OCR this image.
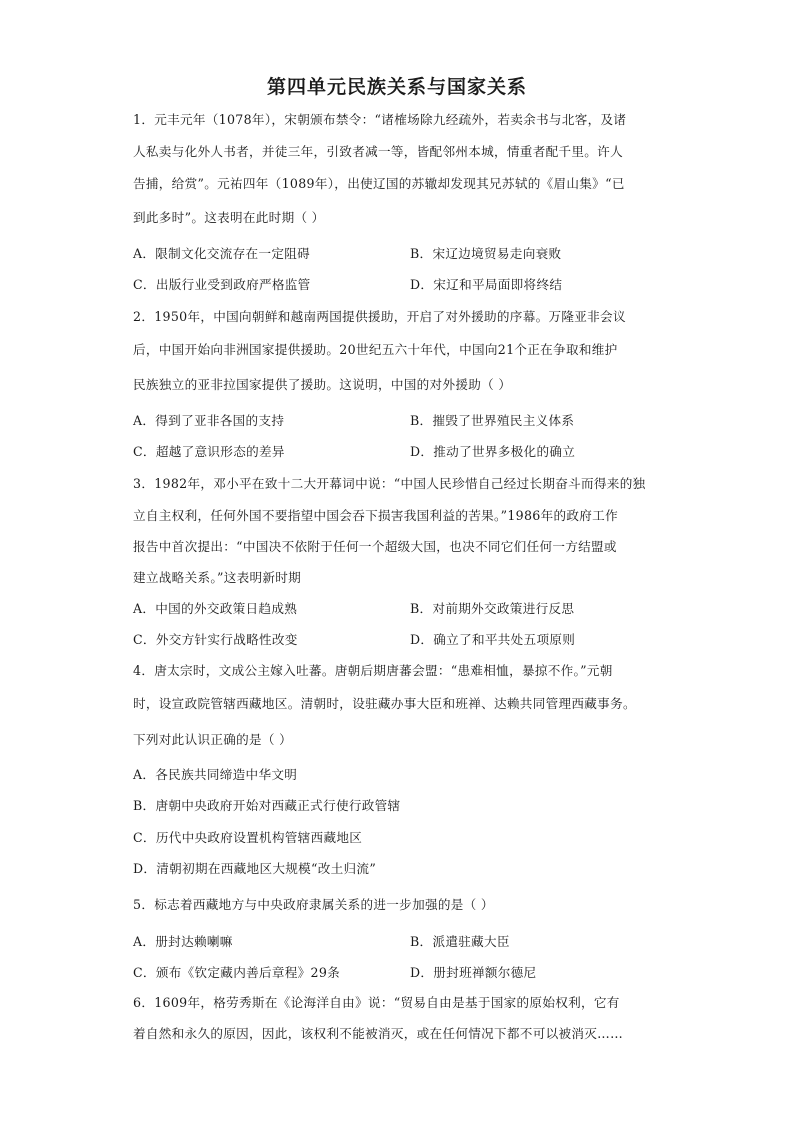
第四单元民族关系与国家关系
1．元丰元年（1078年），宋朝颁布禁令：“诸榷场除九经疏外，若卖余书与北客，及诸
人私卖与化外人书者，并徒三年，引致者减一等，皆配邻州本城，情重者配千里。许人
告捕，给赏”。元祐四年（1089年），出使辽国的苏辙却发现其兄苏轼的《眉山集》“已
到此多时”。这表明在此时期（ ）
A．限制文化交流存在一定阻碍	B．宋辽边境贸易走向衰败
C．出版行业受到政府严格监管	D．宋辽和平局面即将终结
2．1950年，中国向朝鲜和越南两国提供援助，开启了对外援助的序幕。万隆亚非会议
后，中国开始向非洲国家提供援助。20世纪五六十年代，中国向21个正在争取和维护
民族独立的亚非拉国家提供了援助。这说明，中国的对外援助（ ）
A．得到了亚非各国的支持	B．摧毁了世界殖民主义体系
C．超越了意识形态的差异	D．推动了世界多极化的确立
3．1982年，邓小平在致十二大开幕词中说：“中国人民珍惜自己经过长期奋斗而得来的独
立自主权利，任何外国不要指望中国会吞下损害我国利益的苦果。”1986年的政府工作
报告中首次提出：“中国决不依附于任何一个超级大国，也决不同它们任何一方结盟或
建立战略关系。”这表明新时期
A．中国的外交政策日趋成熟	B．对前期外交政策进行反思
C．外交方针实行战略性改变	D．确立了和平共处五项原则
4．唐太宗时，文成公主嫁入吐蕃。唐朝后期唐蕃会盟：“患难相恤，暴掠不作。”元朝
时，设宣政院管辖西藏地区。清朝时，设驻藏办事大臣和班禅、达赖共同管理西藏事务。
下列对此认识正确的是（ ）
A．各民族共同缔造中华文明
B．唐朝中央政府开始对西藏正式行使行政管辖
C．历代中央政府设置机构管辖西藏地区
D．清朝初期在西藏地区大规模“改土归流”
5．标志着西藏地方与中央政府隶属关系的进一步加强的是（ ）
A．册封达赖喇嘛	B．派遣驻藏大臣
C．颁布《钦定藏内善后章程》29条	D．册封班禅额尔德尼
6．1609年，格劳秀斯在《论海洋自由》说：“贸易自由是基于国家的原始权利，它有
着自然和永久的原因，因此，该权利不能被消灭，或在任何情况下都不可以被消灭……
